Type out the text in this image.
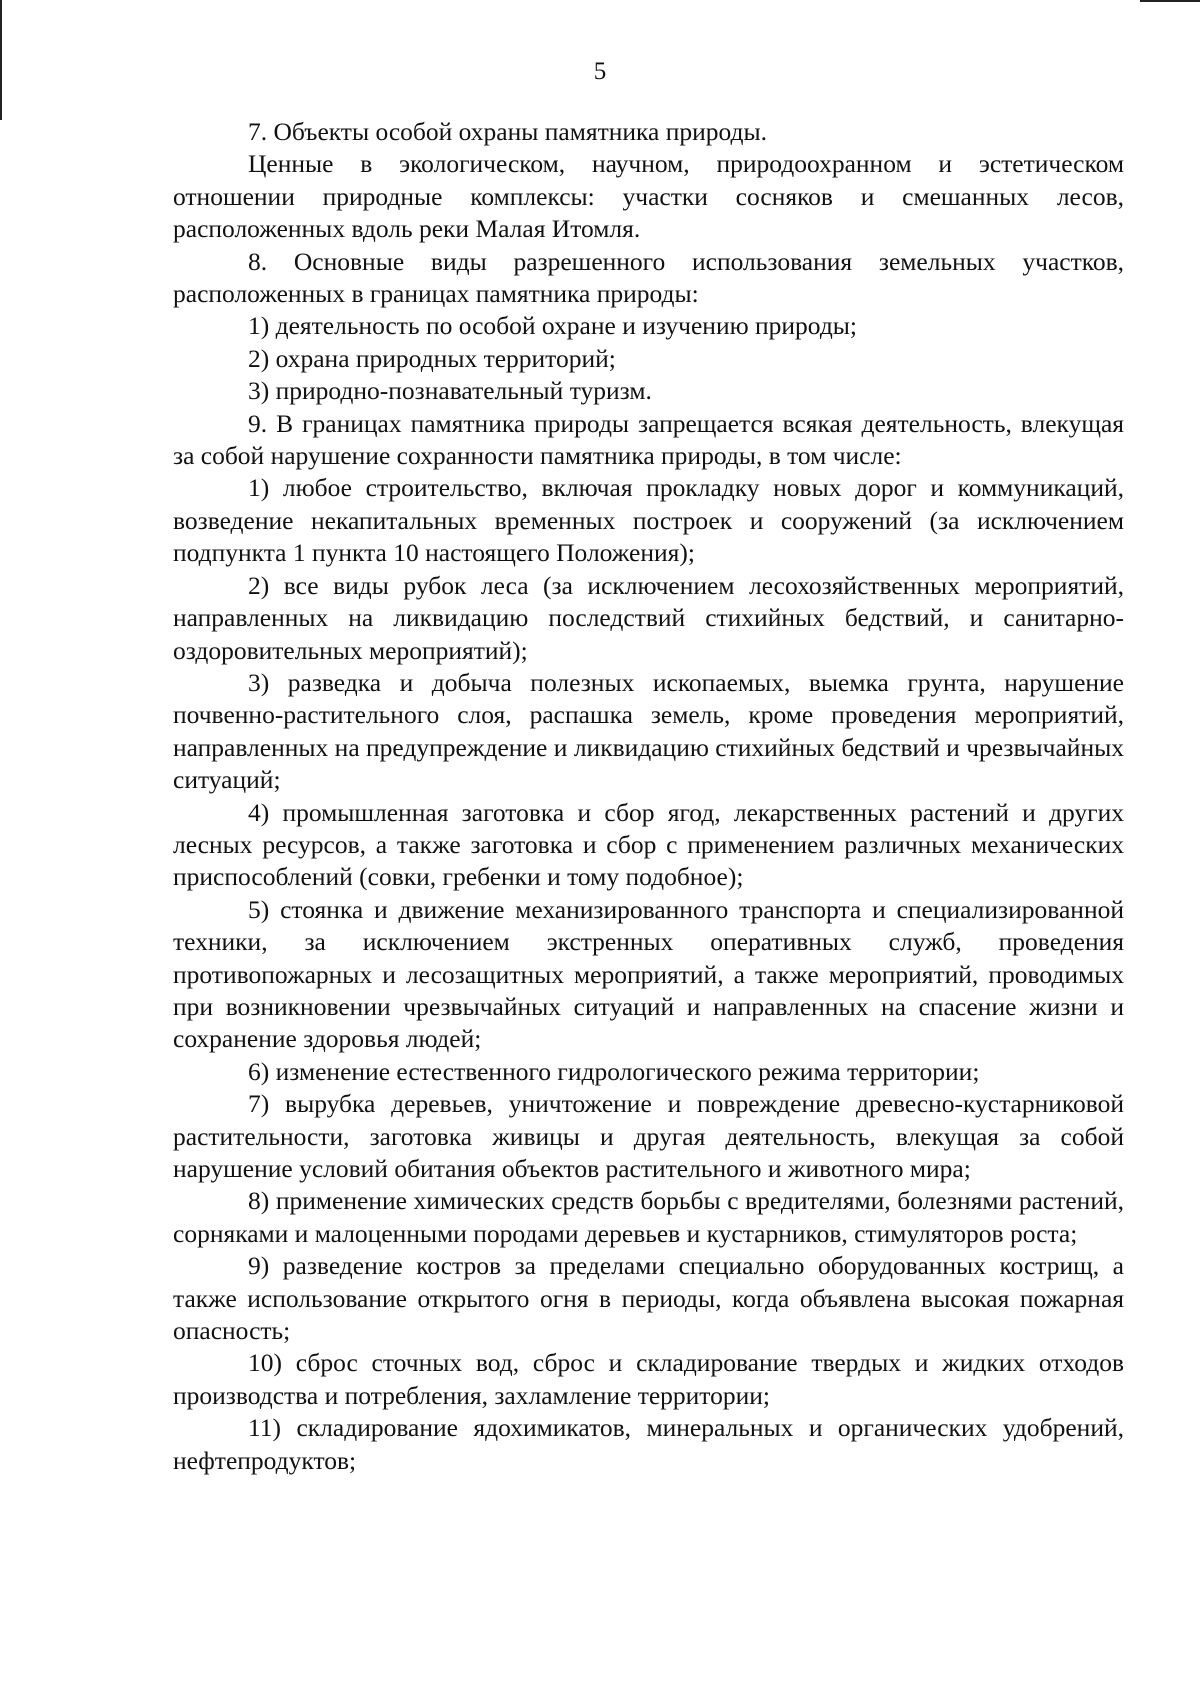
5

7. Объекты особой охраны памятника природы.

Ценные в экологическом, научном, природоохранном и эстетическом отношении природные комплексы: участки сосняков и смешанных лесов, расположенных вдоль реки Малая Итомля.

8. Основные виды разрешенного использования земельных участков, расположенных в границах памятника природы:

1) деятельность по особой охране и изучению природы;

2) охрана природных территорий;

3) природно-познавательный туризм.

9. В границах памятника природы запрещается всякая деятельность, влекущая за собой нарушение сохранности памятника природы, в том числе:

1) любое строительство, включая прокладку новых дорог и коммуникаций, возведение некапитальных временных построек и сооружений (за исключением подпункта 1 пункта 10 настоящего Положения);

2) все виды рубок леса (за исключением лесохозяйственных мероприятий, направленных на ликвидацию последствий стихийных бедствий, и санитарно-оздоровительных мероприятий);

3) разведка и добыча полезных ископаемых, выемка грунта, нарушение почвенно-растительного слоя, распашка земель, кроме проведения мероприятий, направленных на предупреждение и ликвидацию стихийных бедствий и чрезвычайных ситуаций;

4) промышленная заготовка и сбор ягод, лекарственных растений и других лесных ресурсов, а также заготовка и сбор с применением различных механических приспособлений (совки, гребенки и тому подобное);

5) стоянка и движение механизированного транспорта и специализированной техники, за исключением экстренных оперативных служб, проведения противопожарных и лесозащитных мероприятий, а также мероприятий, проводимых при возникновении чрезвычайных ситуаций и направленных на спасение жизни и сохранение здоровья людей;

6) изменение естественного гидрологического режима территории;

7) вырубка деревьев, уничтожение и повреждение древесно-кустарниковой растительности, заготовка живицы и другая деятельность, влекущая за собой нарушение условий обитания объектов растительного и животного мира;

8) применение химических средств борьбы с вредителями, болезнями растений, сорняками и малоценными породами деревьев и кустарников, стимуляторов роста;

9) разведение костров за пределами специально оборудованных кострищ, а также использование открытого огня в периоды, когда объявлена высокая пожарная опасность;

10) сброс сточных вод, сброс и складирование твердых и жидких отходов производства и потребления, захламление территории;

11) складирование ядохимикатов, минеральных и органических удобрений, нефтепродуктов;
